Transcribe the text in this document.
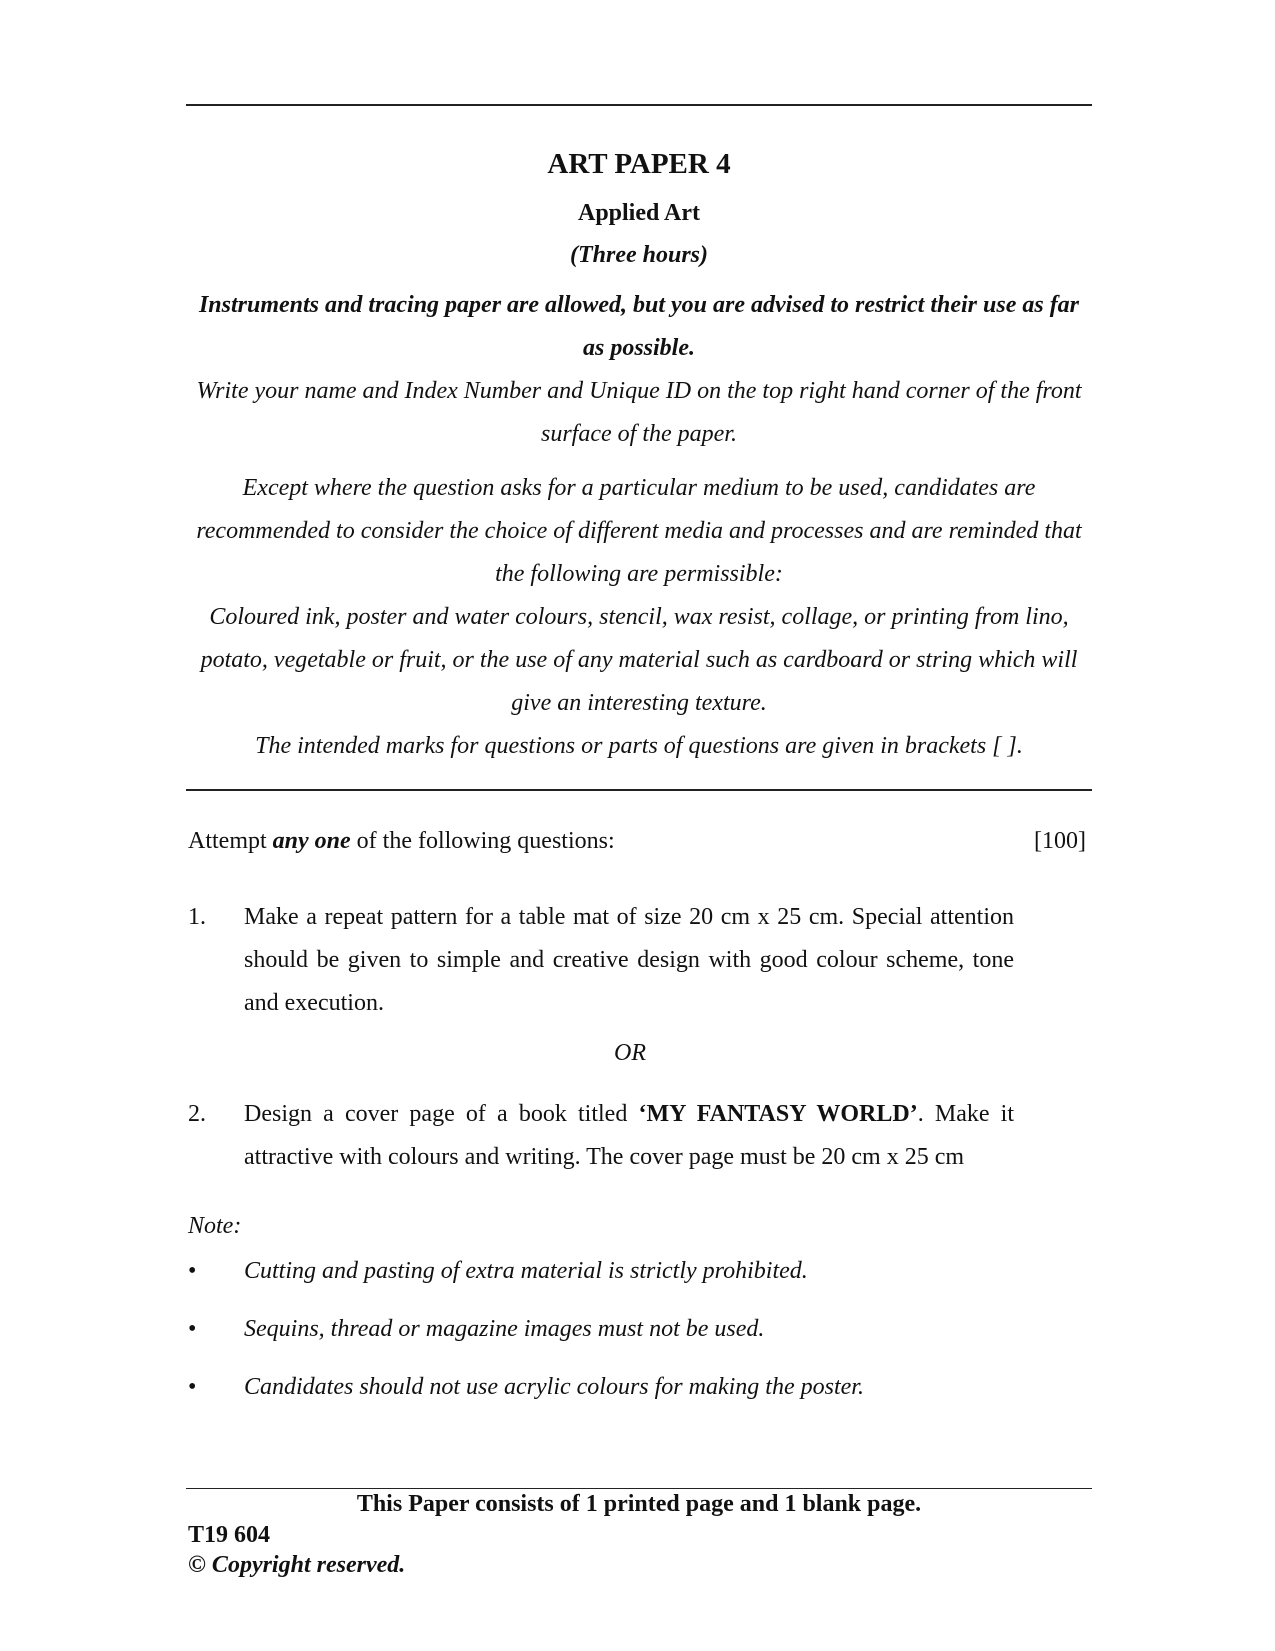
ART PAPER 4
Applied Art
(Three hours)
Instruments and tracing paper are allowed, but you are advised to restrict their use as far as possible.
Write your name and Index Number and Unique ID on the top right hand corner of the front surface of the paper.
Except where the question asks for a particular medium to be used, candidates are recommended to consider the choice of different media and processes and are reminded that the following are permissible:
Coloured ink, poster and water colours, stencil, wax resist, collage, or printing from lino, potato, vegetable or fruit, or the use of any material such as cardboard or string which will give an interesting texture.
The intended marks for questions or parts of questions are given in brackets [ ].
Attempt any one of the following questions:	[100]
1. Make a repeat pattern for a table mat of size 20 cm x 25 cm. Special attention should be given to simple and creative design with good colour scheme, tone and execution.
OR
2. Design a cover page of a book titled ‘MY FANTASY WORLD’. Make it attractive with colours and writing. The cover page must be 20 cm x 25 cm
Note:
• Cutting and pasting of extra material is strictly prohibited.
• Sequins, thread or magazine images must not be used.
• Candidates should not use acrylic colours for making the poster.
This Paper consists of 1 printed page and 1 blank page.
T19 604
© Copyright reserved.
